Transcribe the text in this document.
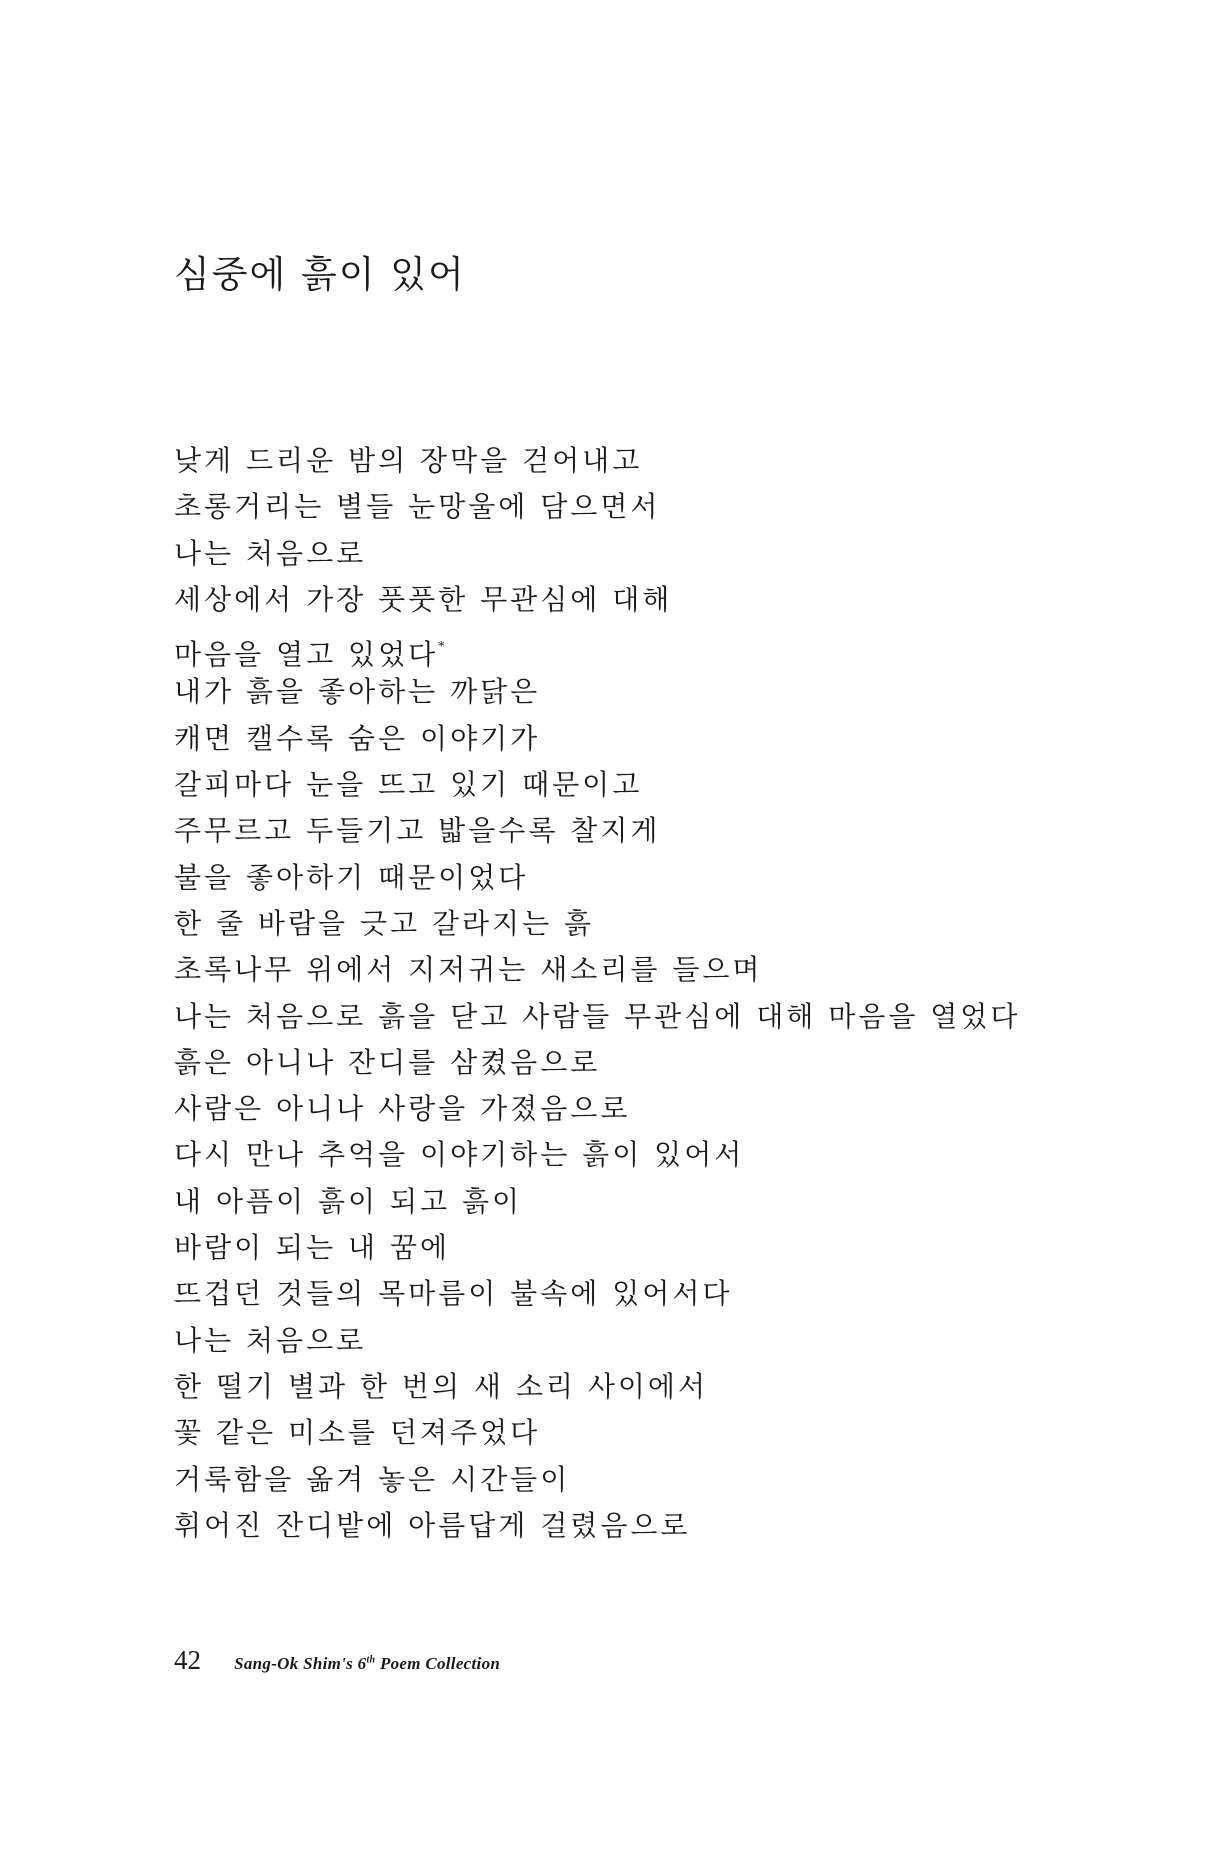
심중에 흙이 있어
낮게 드리운 밤의 장막을 걷어내고
초롱거리는 별들 눈망울에 담으면서
나는 처음으로
세상에서 가장 풋풋한 무관심에 대해
마음을 열고 있었다*
내가 흙을 좋아하는 까닭은
캐면 캘수록 숨은 이야기가
갈피마다 눈을 뜨고 있기 때문이고
주무르고 두들기고 밟을수록 찰지게
불을 좋아하기 때문이었다
한 줄 바람을 긋고 갈라지는 흙
초록나무 위에서 지저귀는 새소리를 들으며
나는 처음으로 흙을 닫고 사람들 무관심에 대해 마음을 열었다
흙은 아니나 잔디를 삼켰음으로
사람은 아니나 사랑을 가졌음으로
다시 만나 추억을 이야기하는 흙이 있어서
내 아픔이 흙이 되고 흙이
바람이 되는 내 꿈에
뜨겁던 것들의 목마름이 불속에 있어서다
나는 처음으로
한 떨기 별과 한 번의 새 소리 사이에서
꽃 같은 미소를 던져주었다
거룩함을 옮겨 놓은 시간들이
휘어진 잔디밭에 아름답게 걸렸음으로
42 Sang-Ok Shim's 6th Poem Collection
